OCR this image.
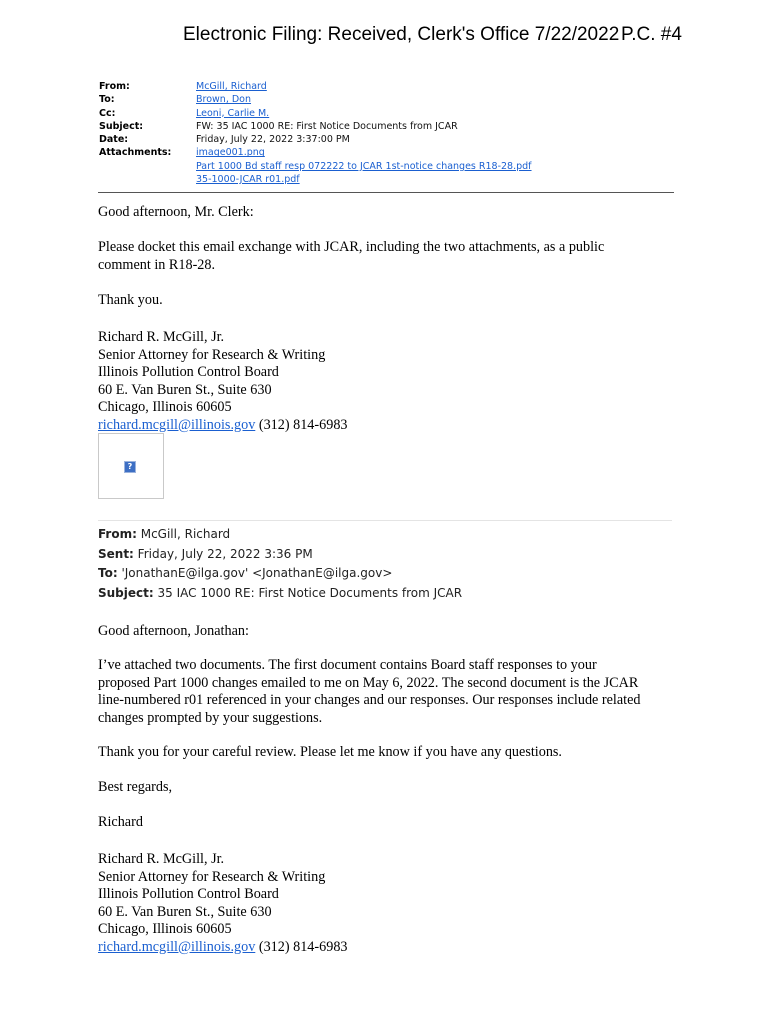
Electronic Filing: Received, Clerk's Office 7/22/2022 P.C. #4
From:	McGill, Richard
To:	Brown, Don
Cc:	Leoni, Carlie M.
Subject:	FW: 35 IAC 1000 RE: First Notice Documents from JCAR
Date:	Friday, July 22, 2022 3:37:00 PM
Attachments:	image001.png
Part 1000 Bd staff resp 072222 to JCAR 1st-notice changes R18-28.pdf
35-1000-JCAR r01.pdf

Good afternoon, Mr. Clerk:

Please docket this email exchange with JCAR, including the two attachments, as a public comment in R18-28.

Thank you.

Richard R. McGill, Jr.

Senior Attorney for Research & Writing

Illinois Pollution Control Board

60 E. Van Buren St., Suite 630

Chicago, Illinois 60605

richard.mcgill@illinois.gov (312) 814-6983

?
From: McGill, Richard
Sent: Friday, July 22, 2022 3:36 PM
To: 'JonathanE@ilga.gov' <JonathanE@ilga.gov>
Subject: 35 IAC 1000 RE: First Notice Documents from JCAR

Good afternoon, Jonathan:

I’ve attached two documents. The first document contains Board staff responses to your proposed Part 1000 changes emailed to me on May 6, 2022. The second document is the JCAR line-numbered r01 referenced in your changes and our responses. Our responses include related changes prompted by your suggestions.

Thank you for your careful review. Please let me know if you have any questions.

Best regards,

Richard

Richard R. McGill, Jr.

Senior Attorney for Research & Writing

Illinois Pollution Control Board

60 E. Van Buren St., Suite 630

Chicago, Illinois 60605

richard.mcgill@illinois.gov (312) 814-6983
